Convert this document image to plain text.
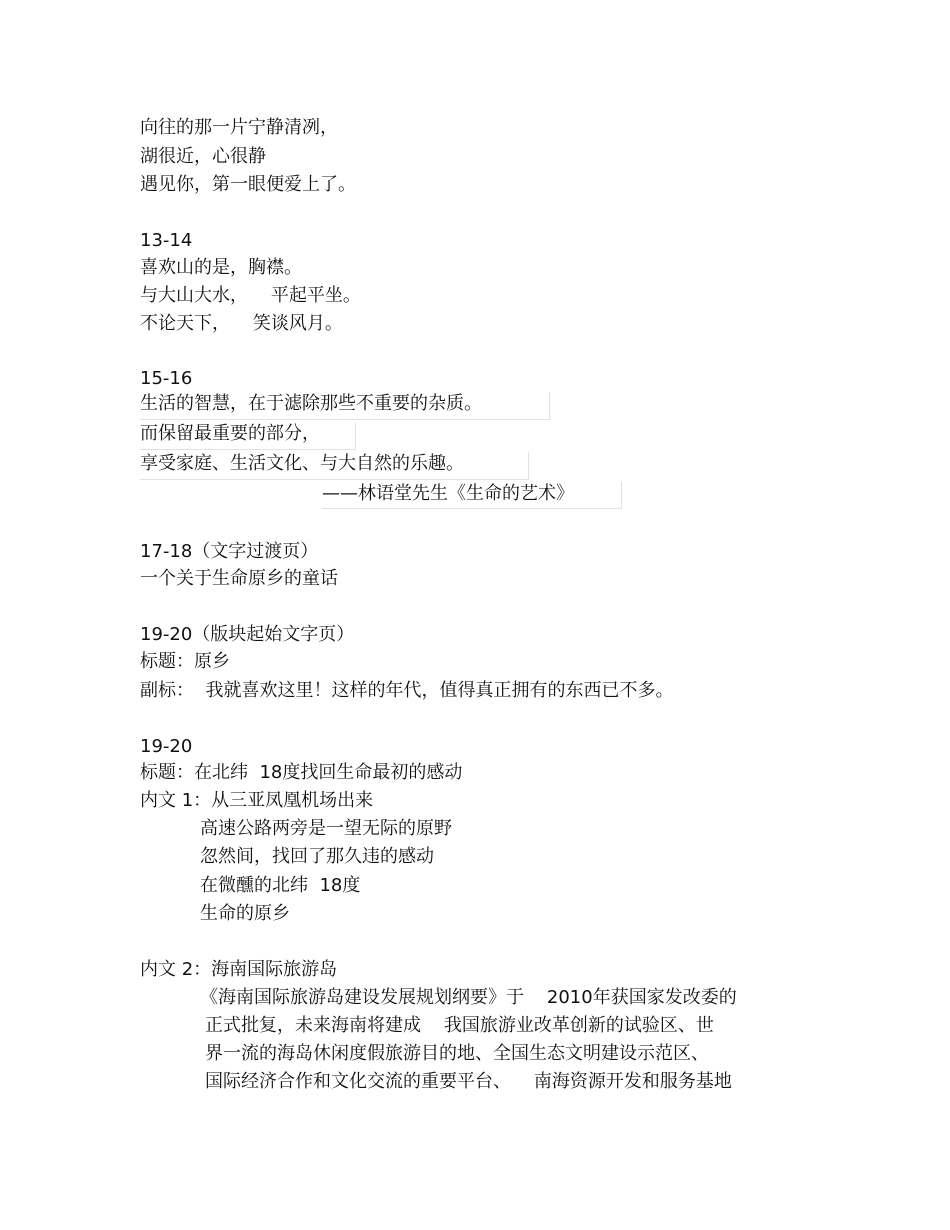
向往的那一片宁静清冽，
湖很近，心很静
遇见你，第一眼便爱上了。
13-14
喜欢山的是，胸襟。
与大山大水，    平起平坐。
不论天下，    笑谈风月。
15-16
生活的智慧，在于滤除那些不重要的杂质。
而保留最重要的部分，
享受家庭、生活文化、与大自然的乐趣。
——林语堂先生《生命的艺术》
17-18（文字过渡页）
一个关于生命原乡的童话
19-20（版块起始文字页）
标题：原乡
副标：  我就喜欢这里！这样的年代，值得真正拥有的东西已不多。
19-20
标题：在北纬  18度找回生命最初的感动
内文 1：从三亚凤凰机场出来
高速公路两旁是一望无际的原野
忽然间，找回了那久违的感动
在微醺的北纬  18度
生命的原乡
内文 2：海南国际旅游岛
《海南国际旅游岛建设发展规划纲要》于    2010年获国家发改委的
正式批复，未来海南将建成    我国旅游业改革创新的试验区、世
界一流的海岛休闲度假旅游目的地、全国生态文明建设示范区、
国际经济合作和文化交流的重要平台、    南海资源开发和服务基地
